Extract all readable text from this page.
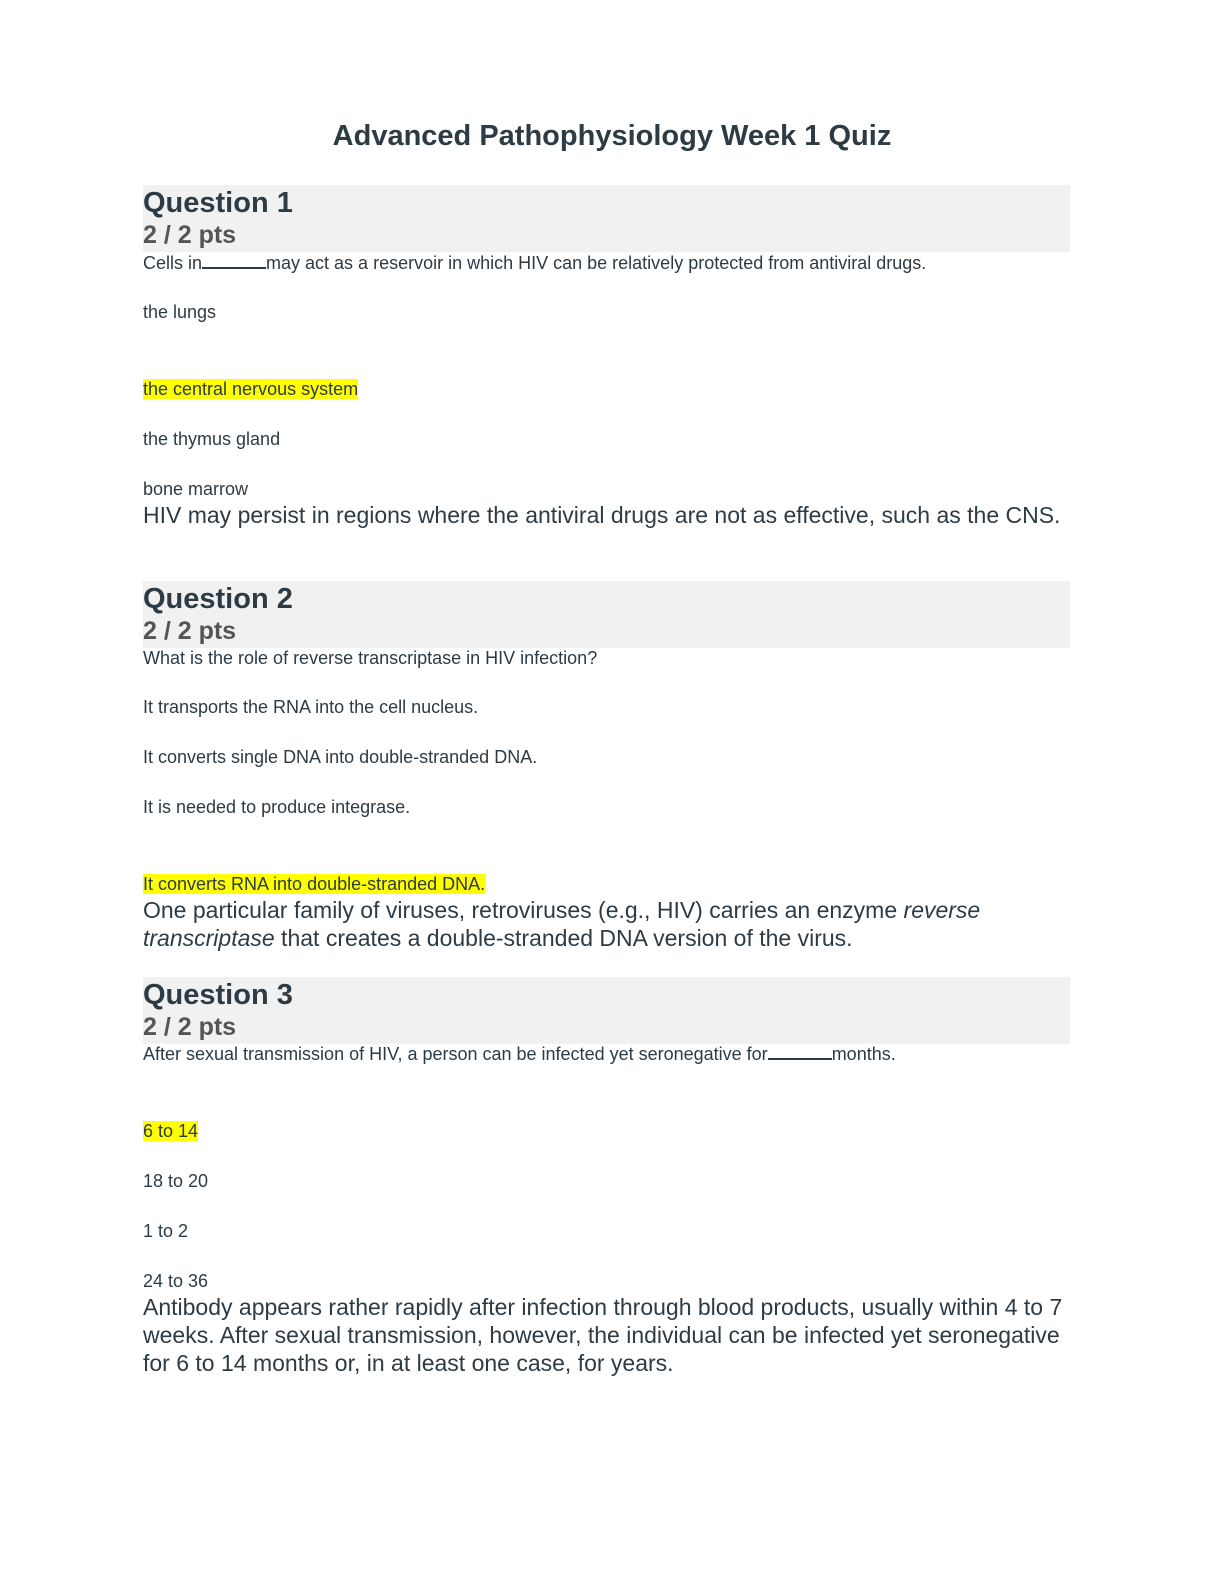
Advanced Pathophysiology Week 1 Quiz
Question 1
2 / 2 pts
Cells in	may act as a reservoir in which HIV can be relatively protected from antiviral drugs.
the lungs
the central nervous system
the thymus gland
bone marrow
HIV may persist in regions where the antiviral drugs are not as effective, such as the CNS.
Question 2
2 / 2 pts
What is the role of reverse transcriptase in HIV infection?
It transports the RNA into the cell nucleus.
It converts single DNA into double-stranded DNA.
It is needed to produce integrase.
It converts RNA into double-stranded DNA.
One particular family of viruses, retroviruses (e.g., HIV) carries an enzyme reverse transcriptase that creates a double-stranded DNA version of the virus.
Question 3
2 / 2 pts
After sexual transmission of HIV, a person can be infected yet seronegative for	months.
6 to 14
18 to 20
1 to 2
24 to 36
Antibody appears rather rapidly after infection through blood products, usually within 4 to 7 weeks. After sexual transmission, however, the individual can be infected yet seronegative for 6 to 14 months or, in at least one case, for years.
